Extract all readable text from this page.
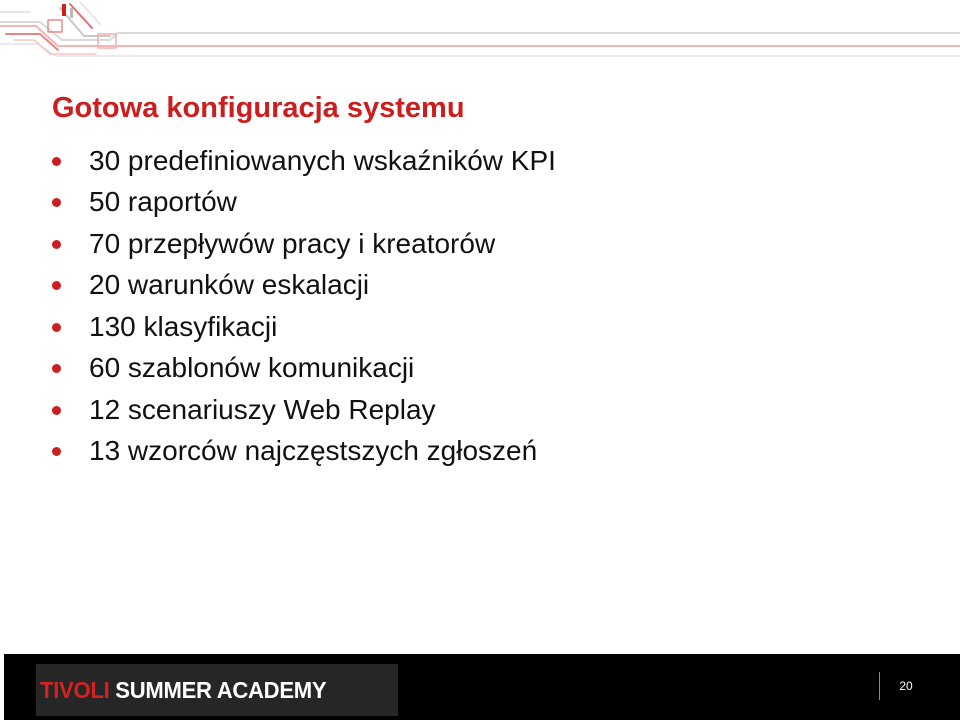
Gotowa konfiguracja systemu
30 predefiniowanych wskaźników KPI
50 raportów
70 przepływów pracy i kreatorów
20 warunków eskalacji
130 klasyfikacji
60 szablonów komunikacji
12 scenariuszy Web Replay
13 wzorców najczęstszych zgłoszeń
TIVOLI SUMMER ACADEMY	20
